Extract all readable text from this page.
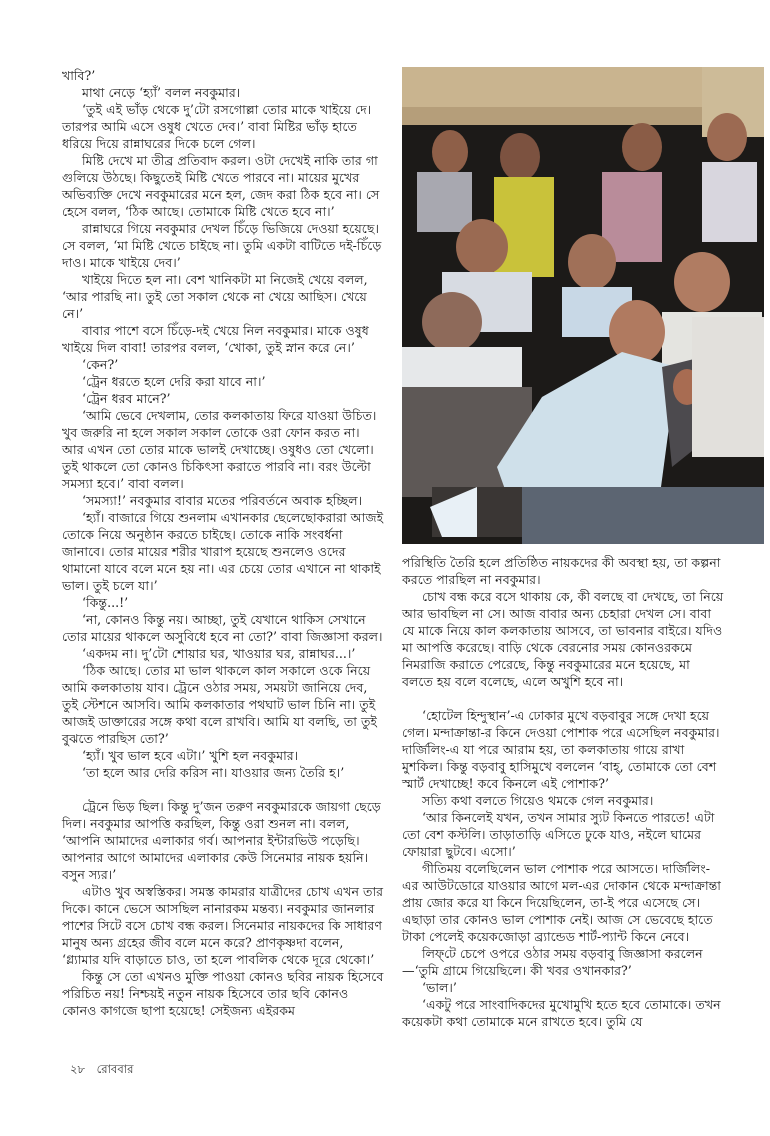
খাবি?’

মাথা নেড়ে ‘হ্যাঁ’ বলল নবকুমার।

‘তুই এই ভাঁড় থেকে দু’টো রসগোল্লা তোর মাকে খাইয়ে দে। তারপর আমি এসে ওষুধ খেতে দেব।’ বাবা মিষ্টির ভাঁড় হাতে ধরিয়ে দিয়ে রান্নাঘরের দিকে চলে গেল।

মিষ্টি দেখে মা তীব্র প্রতিবাদ করল। ওটা দেখেই নাকি তার গা গুলিয়ে উঠছে। কিছুতেই মিষ্টি খেতে পারবে না। মায়ের মুখের অভিব্যক্তি দেখে নবকুমারের মনে হল, জেদ করা ঠিক হবে না। সে হেসে বলল, ‘ঠিক আছে। তোমাকে মিষ্টি খেতে হবে না।’

রান্নাঘরে গিয়ে নবকুমার দেখল চিঁড়ে ভিজিয়ে দেওয়া হয়েছে। সে বলল, ‘মা মিষ্টি খেতে চাইছে না। তুমি একটা বাটিতে দই-চিঁড়ে দাও। মাকে খাইয়ে দেব।’

খাইয়ে দিতে হল না। বেশ খানিকটা মা নিজেই খেয়ে বলল, ‘আর পারছি না। তুই তো সকাল থেকে না খেয়ে আছিস। খেয়ে নে।’

বাবার পাশে বসে চিঁড়ে-দই খেয়ে নিল নবকুমার। মাকে ওষুধ খাইয়ে দিল বাবা! তারপর বলল, ‘খোকা, তুই স্নান করে নে।’

‘কেন?’

‘ট্রেন ধরতে হলে দেরি করা যাবে না।’

‘ট্রেন ধরব মানে?’

‘আমি ভেবে দেখলাম, তোর কলকাতায় ফিরে যাওয়া উচিত। খুব জরুরি না হলে সকাল সকাল তোকে ওরা ফোন করত না। আর এখন তো তোর মাকে ভালই দেখাচ্ছে। ওষুধও তো খেলো। তুই থাকলে তো কোনও চিকিৎসা করাতে পারবি না। বরং উল্টো সমস্যা হবে।’ বাবা বলল।

‘সমস্যা!’ নবকুমার বাবার মতের পরিবর্তনে অবাক হচ্ছিল।

‘হ্যাঁ। বাজারে গিয়ে শুনলাম এখানকার ছেলেছোকরারা আজই তোকে নিয়ে অনুষ্ঠান করতে চাইছে। তোকে নাকি সংবর্ধনা জানাবে। তোর মায়ের শরীর খারাপ হয়েছে শুনলেও ওদের থামানো যাবে বলে মনে হয় না। এর চেয়ে তোর এখানে না থাকাই ভাল। তুই চলে যা।’

‘কিন্তু...!’

‘না, কোনও কিন্তু নয়। আচ্ছা, তুই যেখানে থাকিস সেখানে তোর মায়ের থাকলে অসুবিধে হবে না তো?’ বাবা জিজ্ঞাসা করল।

‘একদম না। দু’টো শোয়ার ঘর, খাওয়ার ঘর, রান্নাঘর...।’

‘ঠিক আছে। তোর মা ভাল থাকলে কাল সকালে ওকে নিয়ে আমি কলকাতায় যাব। ট্রেনে ওঠার সময়, সময়টা জানিয়ে দেব, তুই স্টেশনে আসবি। আমি কলকাতার পথঘাট ভাল চিনি না। তুই আজই ডাক্তারের সঙ্গে কথা বলে রাখবি। আমি যা বলছি, তা তুই বুঝতে পারছিস তো?’

‘হ্যাঁ। খুব ভাল হবে এটা।’ খুশি হল নবকুমার।

‘তা হলে আর দেরি করিস না। যাওয়ার জন্য তৈরি হ।’

ট্রেনে ভিড় ছিল। কিন্তু দু’জন তরুণ নবকুমারকে জায়গা ছেড়ে দিল। নবকুমার আপত্তি করছিল, কিন্তু ওরা শুনল না। বলল, ‘আপনি আমাদের এলাকার গর্ব। আপনার ইন্টারভিউ পড়েছি। আপনার আগে আমাদের এলাকার কেউ সিনেমার নায়ক হয়নি। বসুন স্যর।’

এটাও খুব অস্বস্তিকর। সমস্ত কামরার যাত্রীদের চোখ এখন তার দিকে। কানে ভেসে আসছিল নানারকম মন্তব্য। নবকুমার জানলার পাশের সিটে বসে চোখ বন্ধ করল। সিনেমার নায়কদের কি সাধারণ মানুষ অন্য গ্রহের জীব বলে মনে করে? প্রাণকৃষ্ণদা বলেন, ‘গ্ল্যামার যদি বাড়াতে চাও, তা হলে পাবলিক থেকে দূরে থেকো।’

কিন্তু সে তো এখনও মুক্তি পাওয়া কোনও ছবির নায়ক হিসেবে পরিচিত নয়! নিশ্চয়ই নতুন নায়ক হিসেবে তার ছবি কোনও কোনও কাগজে ছাপা হয়েছে! সেইজন্য এইরকম

পরিস্থিতি তৈরি হলে প্রতিষ্ঠিত নায়কদের কী অবস্থা হয়, তা কল্পনা করতে পারছিল না নবকুমার।

চোখ বন্ধ করে বসে থাকায় কে, কী বলছে বা দেখছে, তা নিয়ে আর ভাবছিল না সে। আজ বাবার অন্য চেহারা দেখল সে। বাবা যে মাকে নিয়ে কাল কলকাতায় আসবে, তা ভাবনার বাইরে। যদিও মা আপত্তি করেছে। বাড়ি থেকে বেরনোর সময় কোনওরকমে নিমরাজি করাতে পেরেছে, কিন্তু নবকুমারের মনে হয়েছে, মা বলতে হয় বলে বলেছে, এলে অখুশি হবে না।

‘হোটেল হিন্দুস্থান’-এ ঢোকার মুখে বড়বাবুর সঙ্গে দেখা হয়ে গেল। মন্দাক্রান্তা-র কিনে দেওয়া পোশাক পরে এসেছিল নবকুমার। দার্জিলিং-এ যা পরে আরাম হয়, তা কলকাতায় গায়ে রাখা মুশকিল। কিন্তু বড়বাবু হাসিমুখে বললেন ‘বাহ্‌, তোমাকে তো বেশ স্মার্ট দেখাচ্ছে! কবে কিনলে এই পোশাক?’

সত্যি কথা বলতে গিয়েও থমকে গেল নবকুমার।

‘আর কিনলেই যখন, তখন সামার স্যুট কিনতে পারতে! এটা তো বেশ কস্টলি। তাড়াতাড়ি এসিতে ঢুকে যাও, নইলে ঘামের ফোয়ারা ছুটবে। এসো।’

গীতিময় বলেছিলেন ভাল পোশাক পরে আসতে। দার্জিলিং-এর আউটডোরে যাওয়ার আগে মল-এর দোকান থেকে মন্দাক্রান্তা প্রায় জোর করে যা কিনে দিয়েছিলেন, তা-ই পরে এসেছে সে। এছাড়া তার কোনও ভাল পোশাক নেই। আজ সে ভেবেছে হাতে টাকা পেলেই কয়েকজোড়া ব্র্যান্ডেড শার্ট-প্যান্ট কিনে নেবে।

লিফ্‌টে চেপে ওপরে ওঠার সময় বড়বাবু জিজ্ঞাসা করলেন—‘তুমি গ্রামে গিয়েছিলে। কী খবর ওখানকার?’

‘ভাল।’

‘একটু পরে সাংবাদিকদের মুখোমুখি হতে হবে তোমাকে। তখন কয়েকটা কথা তোমাকে মনে রাখতে হবে। তুমি যে

২৮ রোববার
